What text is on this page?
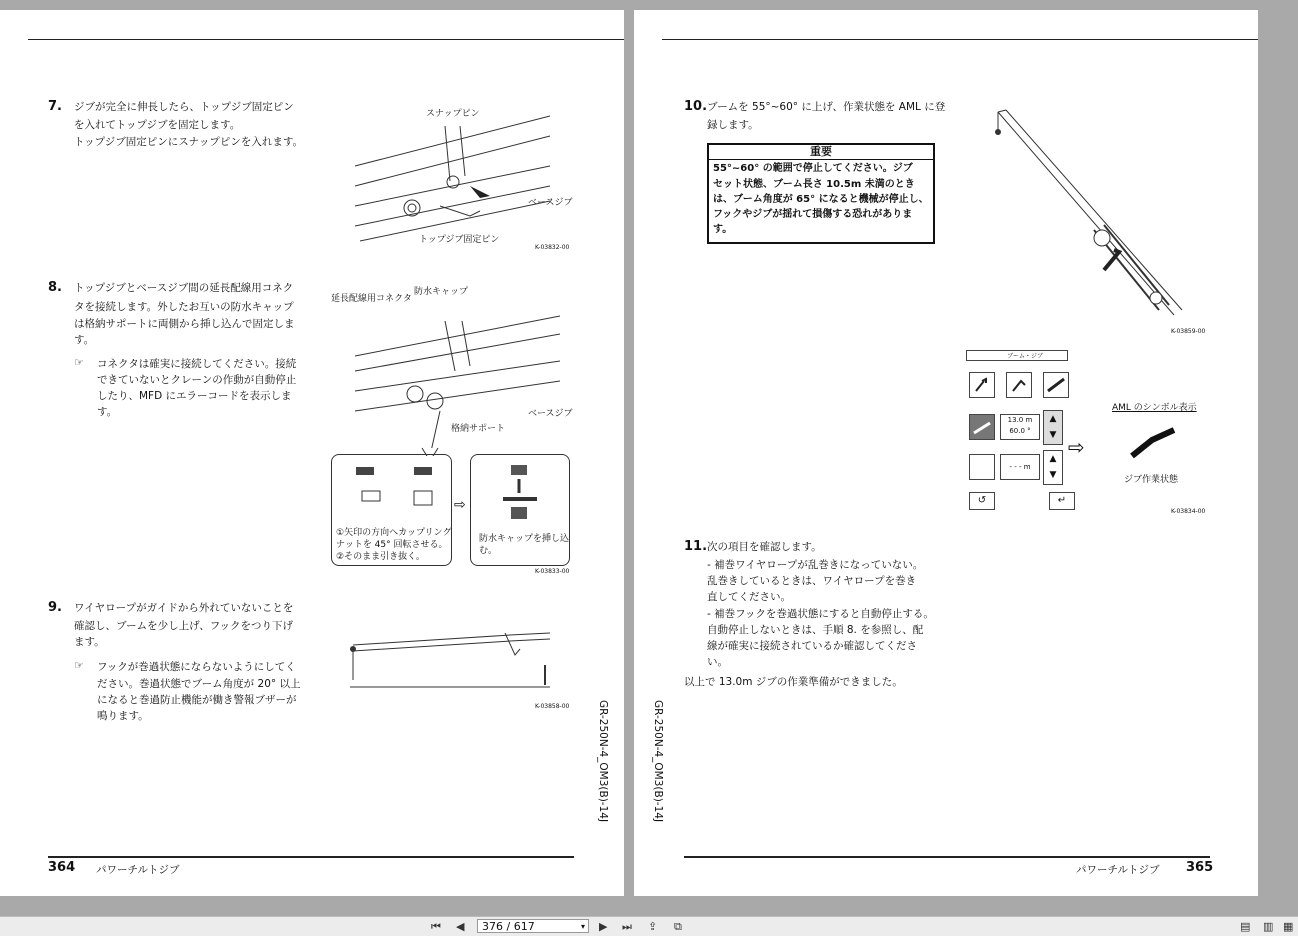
7. ジブが完全に伸長したら、トップジブ固定ピン
を入れてトップジブを固定します。
トップジブ固定ピンにスナップピンを入れます。
スナップピン
ベースジブ
トップジブ固定ピン
K-03832-00
8. トップジブとベースジブ間の延長配線用コネク
タを接続します。外したお互いの防水キャップ
は格納サポートに両側から挿し込んで固定しま
す。
☞ コネクタは確実に接続してください。接続
できていないとクレーンの作動が自動停止
したり、MFD にエラーコードを表示しま
す。
延長配線用コネクタ
防水キャップ
ベースジブ
格納サポート
①矢印の方向へカップリング
ナットを 45° 回転させる。
②そのまま引き抜く。
⇨
防水キャップを挿し込
む。
K-03833-00
9. ワイヤロープがガイドから外れていないことを
確認し、ブームを少し上げ、フックをつり下げ
ます。
☞ フックが巻過状態にならないようにしてく
ださい。巻過状態でブーム角度が 20° 以上
になると巻過防止機能が働き警報ブザーが
鳴ります。
K-03858-00	GR-250N-4_OM3(B)-14J
364 パワーチルトジブ
10. ブームを 55°~60° に上げ、作業状態を AML に登
録します。
重要
55°~60° の範囲で停止してください。ジブ
セット状態、ブーム長さ 10.5m 未満のとき
は、ブーム角度が 65° になると機械が停止し、
フックやジブが揺れて損傷する恐れがありま
す。
K-03859-00
ブーム・ジブ
13.0 m
60.0 °
▲
▼
- - - m
▲
▼
↺	↵
⇨
AML のシンボル表示
ジブ作業状態
K-03834-00
11. 次の項目を確認します。
- 補巻ワイヤロープが乱巻きになっていない。
乱巻きしているときは、ワイヤロープを巻き
直してください。
- 補巻フックを巻過状態にすると自動停止する。
自動停止しないときは、手順 8. を参照し、配
線が確実に接続されているか確認してくださ
い。
以上で 13.0m ジブの作業準備ができました。
GR-250N-4_OM3(B)-14J
パワーチルトジブ 365
⏮ ◀	376 / 617	▾ ▶ ⏭ ⇪ ⧉	▤ ▥ ▦
